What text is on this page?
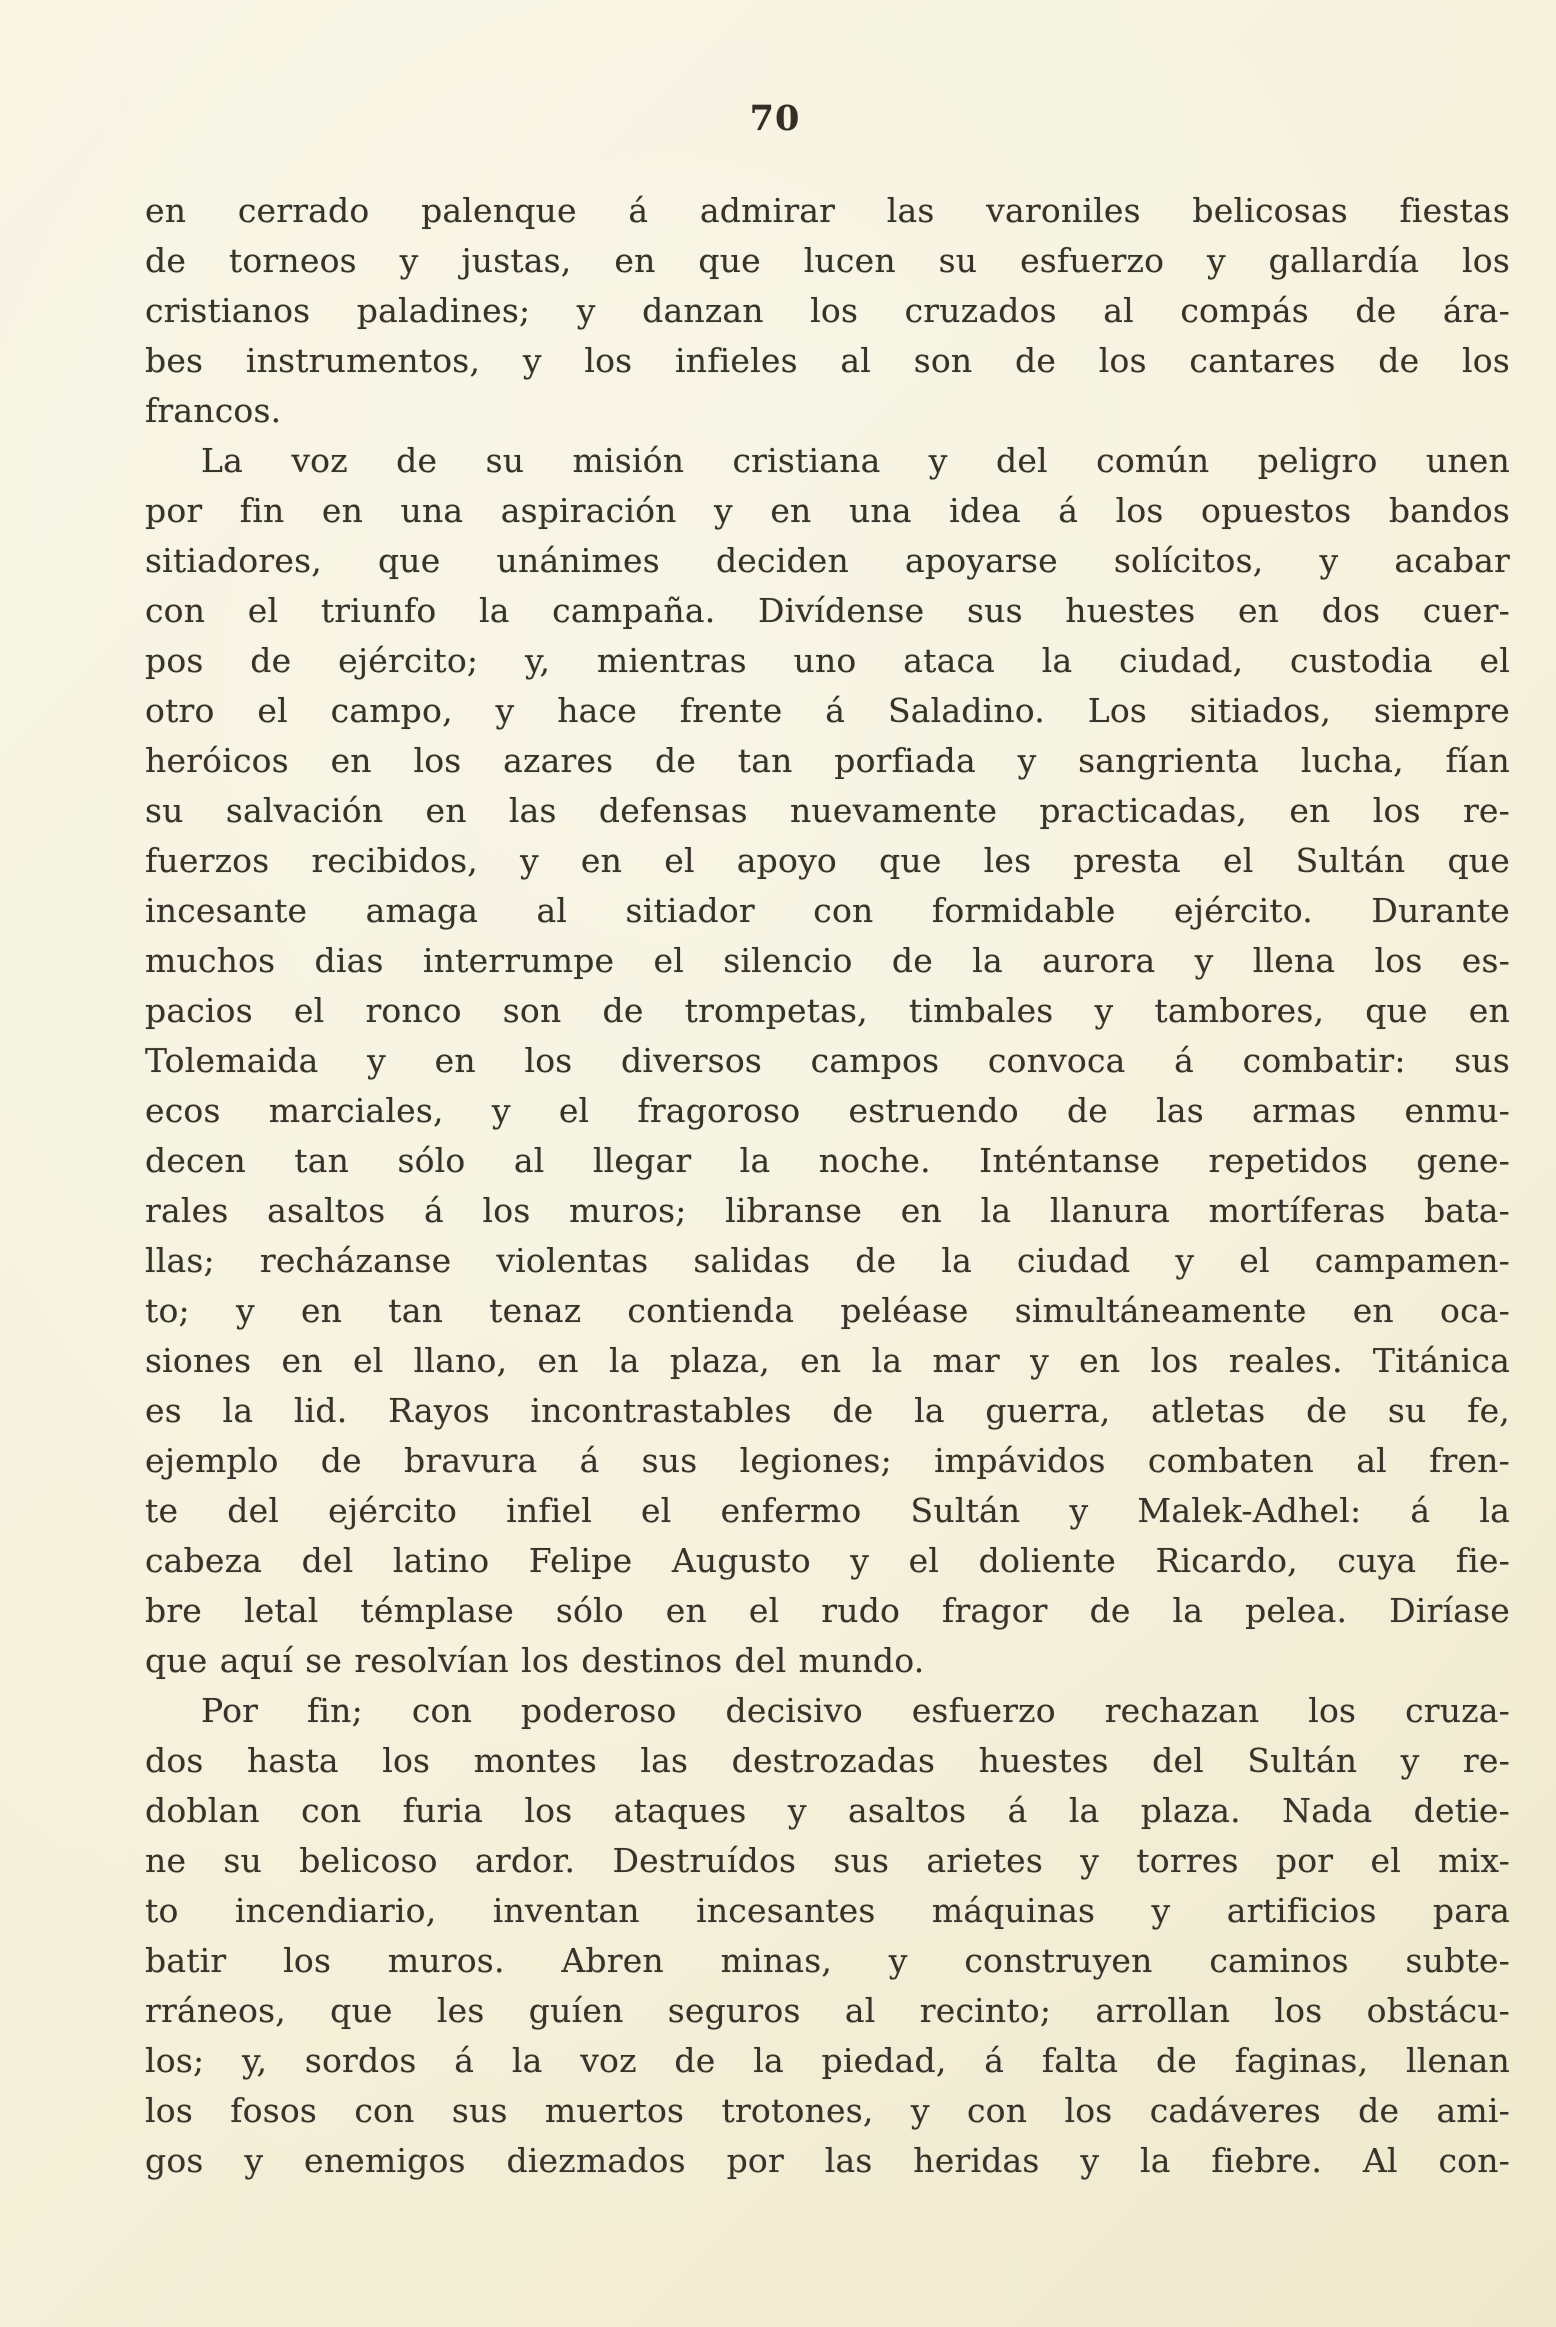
70
en cerrado palenque á admirar las varoniles belicosas fiestas
de torneos y justas, en que lucen su esfuerzo y gallardía los
cristianos paladines; y danzan los cruzados al compás de ára-
bes instrumentos, y los infieles al son de los cantares de los
francos.
La voz de su misión cristiana y del común peligro unen
por fin en una aspiración y en una idea á los opuestos bandos
sitiadores, que unánimes deciden apoyarse solícitos, y acabar
con el triunfo la campaña. Divídense sus huestes en dos cuer-
pos de ejército; y, mientras uno ataca la ciudad, custodia el
otro el campo, y hace frente á Saladino. Los sitiados, siempre
heróicos en los azares de tan porfiada y sangrienta lucha, fían
su salvación en las defensas nuevamente practicadas, en los re-
fuerzos recibidos, y en el apoyo que les presta el Sultán que
incesante amaga al sitiador con formidable ejército. Durante
muchos dias interrumpe el silencio de la aurora y llena los es-
pacios el ronco son de trompetas, timbales y tambores, que en
Tolemaida y en los diversos campos convoca á combatir: sus
ecos marciales, y el fragoroso estruendo de las armas enmu-
decen tan sólo al llegar la noche. Inténtanse repetidos gene-
rales asaltos á los muros; libranse en la llanura mortíferas bata-
llas; recházanse violentas salidas de la ciudad y el campamen-
to; y en tan tenaz contienda peléase simultáneamente en oca-
siones en el llano, en la plaza, en la mar y en los reales. Titánica
es la lid. Rayos incontrastables de la guerra, atletas de su fe,
ejemplo de bravura á sus legiones; impávidos combaten al fren-
te del ejército infiel el enfermo Sultán y Malek-Adhel: á la
cabeza del latino Felipe Augusto y el doliente Ricardo, cuya fie-
bre letal témplase sólo en el rudo fragor de la pelea. Diríase
que aquí se resolvían los destinos del mundo.
Por fin; con poderoso decisivo esfuerzo rechazan los cruza-
dos hasta los montes las destrozadas huestes del Sultán y re-
doblan con furia los ataques y asaltos á la plaza. Nada detie-
ne su belicoso ardor. Destruídos sus arietes y torres por el mix-
to incendiario, inventan incesantes máquinas y artificios para
batir los muros. Abren minas, y construyen caminos subte-
rráneos, que les guíen seguros al recinto; arrollan los obstácu-
los; y, sordos á la voz de la piedad, á falta de faginas, llenan
los fosos con sus muertos trotones, y con los cadáveres de ami-
gos y enemigos diezmados por las heridas y la fiebre. Al con-
